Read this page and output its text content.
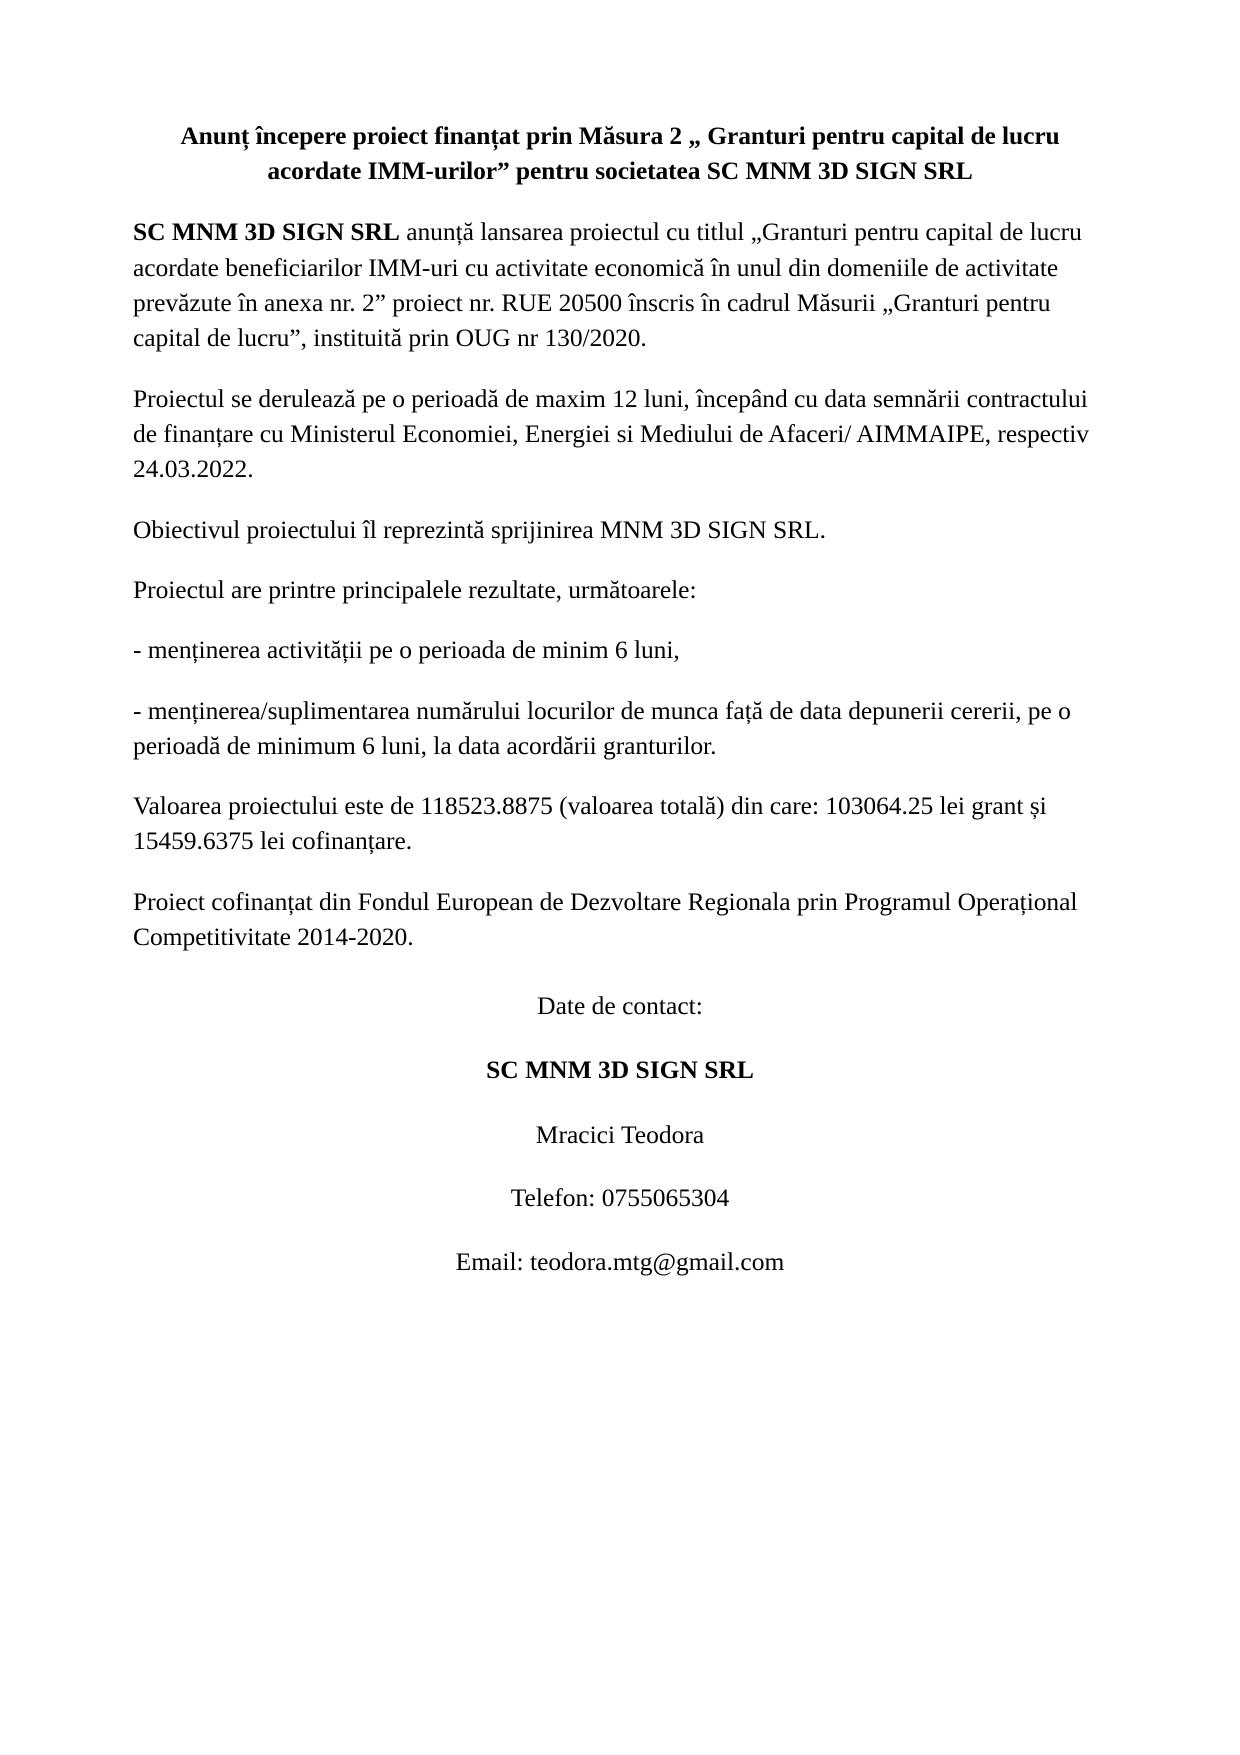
Anunț începere proiect finanțat prin Măsura 2 „ Granturi pentru capital de lucru
acordate IMM-urilor” pentru societatea SC MNM 3D SIGN SRL

SC MNM 3D SIGN SRL anunță lansarea proiectul cu titlul „Granturi pentru capital de lucru acordate beneficiarilor IMM-uri cu activitate economică în unul din domeniile de activitate prevăzute în anexa nr. 2” proiect nr. RUE 20500 înscris în cadrul Măsurii „Granturi pentru capital de lucru”, instituită prin OUG nr 130/2020.

Proiectul se derulează pe o perioadă de maxim 12 luni, începând cu data semnării contractului de finanțare cu Ministerul Economiei, Energiei si Mediului de Afaceri/ AIMMAIPE, respectiv 24.03.2022.

Obiectivul proiectului îl reprezintă sprijinirea MNM 3D SIGN SRL.

Proiectul are printre principalele rezultate, următoarele:

- menținerea activității pe o perioada de minim 6 luni,

- menținerea/suplimentarea numărului locurilor de munca față de data depunerii cererii, pe o perioadă de minimum 6 luni, la data acordării granturilor.

Valoarea proiectului este de 118523.8875 (valoarea totală) din care: 103064.25 lei grant și 15459.6375 lei cofinanțare.

Proiect cofinanțat din Fondul European de Dezvoltare Regionala prin Programul Operațional Competitivitate 2014-2020.

Date de contact:

SC MNM 3D SIGN SRL

Mracici Teodora

Telefon: 0755065304

Email: teodora.mtg@gmail.com
